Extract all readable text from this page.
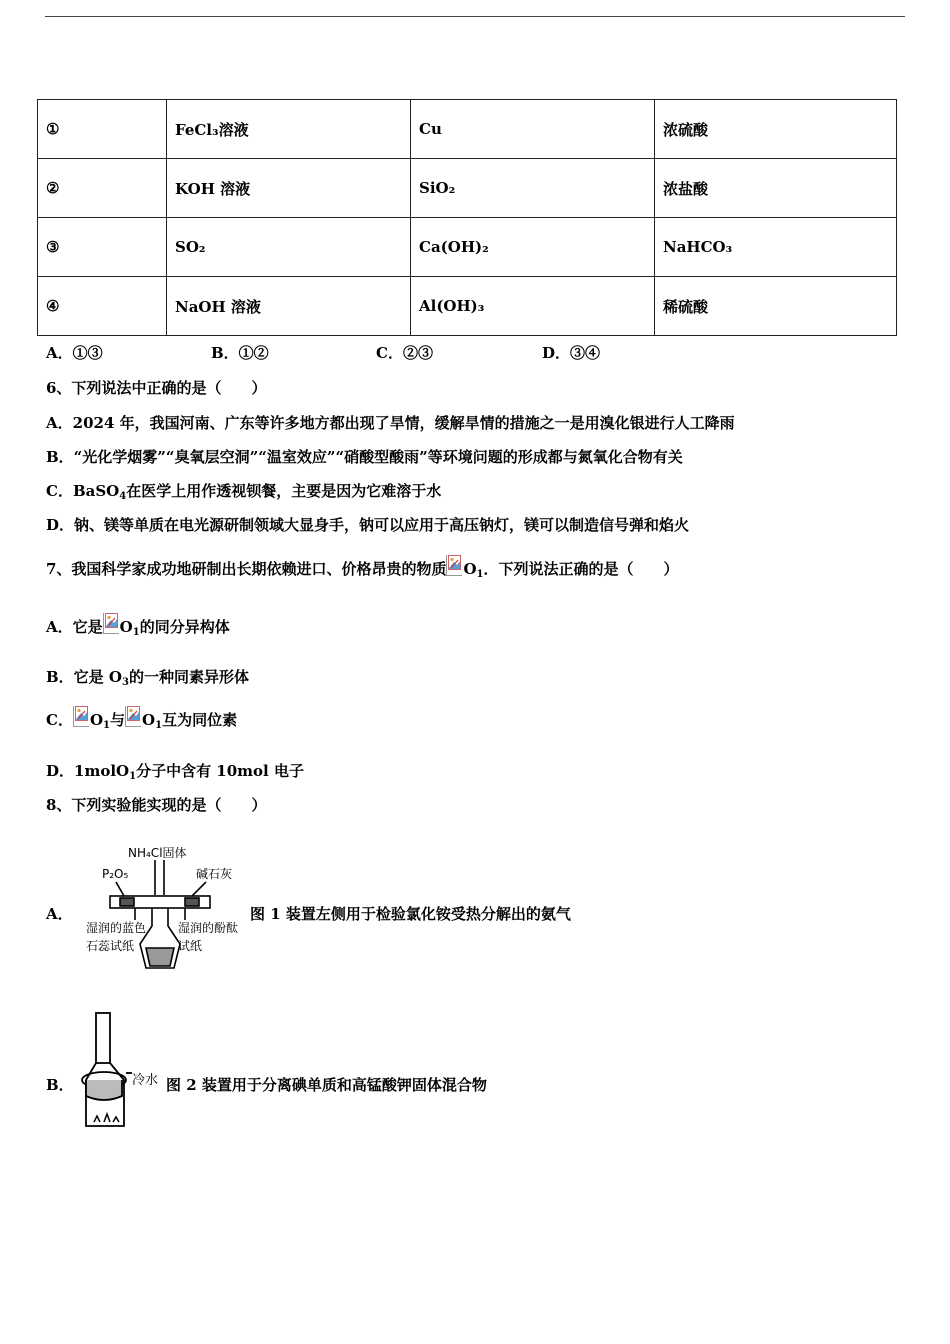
①	FeCl₃溶液	Cu	浓硫酸
②	KOH 溶液	SiO₂	浓盐酸
③	SO₂	Ca(OH)₂	NaHCO₃
④	NaOH 溶液	Al(OH)₃	稀硫酸
A．①③	B．①②	C．②③	D．③④
6、下列说法中正确的是（　　）
A．2024 年，我国河南、广东等许多地方都出现了旱情，缓解旱情的措施之一是用溴化银进行人工降雨
B．“光化学烟雾”“臭氧层空洞”“温室效应”“硝酸型酸雨”等环境问题的形成都与氮氧化合物有关
C．BaSO$_4$在医学上用作透视钡餐，主要是因为它难溶于水
D．钠、镁等单质在电光源研制领域大显身手，钠可以应用于高压钠灯，镁可以制造信号弹和焰火
7、我国科学家成功地研制出长期依赖进口、价格昂贵的物质 $O_1$．下列说法正确的是（　　）
A．它是 $O_1$的同分异构体
B．它是 $O_3$的一种同素异形体
C． $O_1$与 $O_1$互为同位素
D．1molO$_1$分子中含有 10mol 电子
8、下列实验能实现的是（　　）
A．
NH₄Cl固体
P₂O₅	碱石灰
湿润的蓝色
石蕊试纸
湿润的酚酞
试纸
图 1 装置左侧用于检验氯化铵受热分解出的氨气
B．	冷水 图 2 装置用于分离碘单质和高锰酸钾固体混合物
